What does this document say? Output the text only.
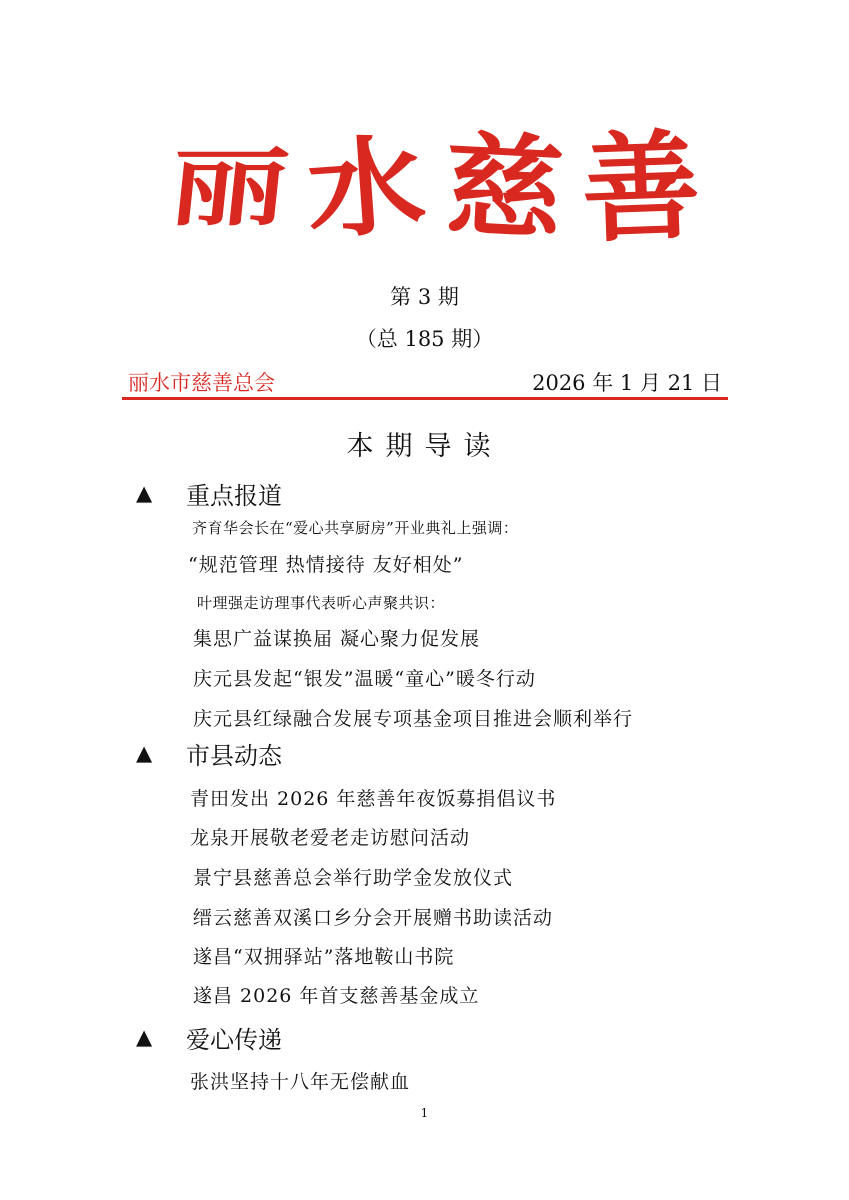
丽 水 慈 善
第 3 期
（总 185 期）
丽水市慈善总会	2026 年 1 月 21 日
本期导读
▲	重点报道
齐育华会长在“爱心共享厨房”开业典礼上强调：
“规范管理 热情接待 友好相处”
叶理强走访理事代表听心声聚共识：
集思广益谋换届 凝心聚力促发展
庆元县发起“银发”温暖“童心”暖冬行动
庆元县红绿融合发展专项基金项目推进会顺利举行
▲	市县动态
青田发出 2026 年慈善年夜饭募捐倡议书
龙泉开展敬老爱老走访慰问活动
景宁县慈善总会举行助学金发放仪式
缙云慈善双溪口乡分会开展赠书助读活动
遂昌“双拥驿站”落地鞍山书院
遂昌 2026 年首支慈善基金成立
▲	爱心传递
张洪坚持十八年无偿献血
1
